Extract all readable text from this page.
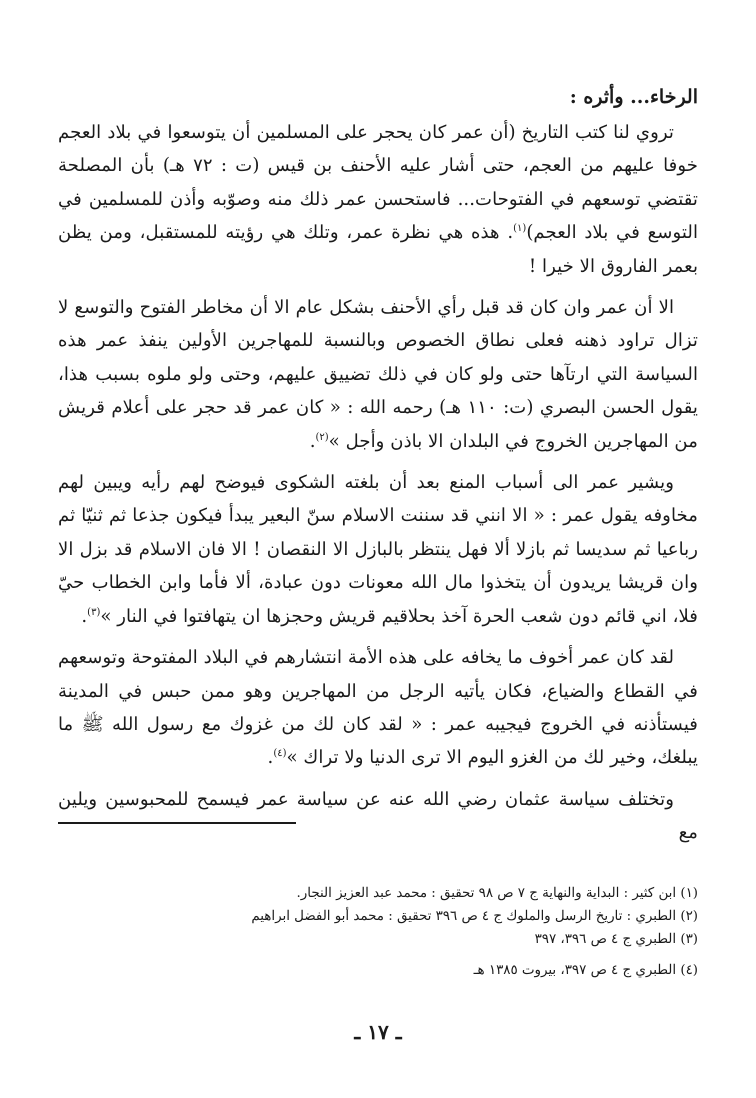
الرخاء... وأثره :

تروي لنا كتب التاريخ (أن عمر كان يحجر على المسلمين أن يتوسعوا في بلاد العجم خوفا عليهم من العجم، حتى أشار عليه الأحنف بن قيس (ت : ٧٢ هـ) بأن المصلحة تقتضي توسعهم في الفتوحات... فاستحسن عمر ذلك منه وصوّبه وأذن للمسلمين في التوسع في بلاد العجم)$^{(١)}$. هذه هي نظرة عمر، وتلك هي رؤيته للمستقبل، ومن يظن بعمر الفاروق الا خيرا !

الا أن عمر وان كان قد قبل رأي الأحنف بشكل عام الا أن مخاطر الفتوح والتوسع لا تزال تراود ذهنه فعلى نطاق الخصوص وبالنسبة للمهاجرين الأولين ينفذ عمر هذه السياسة التي ارتآها حتى ولو كان في ذلك تضييق عليهم، وحتى ولو ملوه بسبب هذا، يقول الحسن البصري (ت: ١١٠ هـ) رحمه الله : « كان عمر قد حجر على أعلام قريش من المهاجرين الخروج في البلدان الا باذن وأجل »$^{(٢)}$.

ويشير عمر الى أسباب المنع بعد أن بلغته الشكوى فيوضح لهم رأيه ويبين لهم مخاوفه يقول عمر : « الا انني قد سننت الاسلام سنّ البعير يبدأ فيكون جذعا ثم ثنيّا ثم رباعيا ثم سديسا ثم بازلا ألا فهل ينتظر بالبازل الا النقصان ! الا فان الاسلام قد بزل الا وان قريشا يريدون أن يتخذوا مال الله معونات دون عبادة، ألا فأما وابن الخطاب حيّ فلا، اني قائم دون شعب الحرة آخذ بحلاقيم قريش وحجزها ان يتهافتوا في النار »$^{(٣)}$.

لقد كان عمر أخوف ما يخافه على هذه الأمة انتشارهم في البلاد المفتوحة وتوسعهم في القطاع والضياع، فكان يأتيه الرجل من المهاجرين وهو ممن حبس في المدينة فيستأذنه في الخروج فيجيبه عمر : « لقد كان لك من غزوك مع رسول الله ﷺ ما يبلغك، وخير لك من الغزو اليوم الا ترى الدنيا ولا تراك »$^{(٤)}$.

وتختلف سياسة عثمان رضي الله عنه عن سياسة عمر فيسمح للمحبوسين ويلين مع

(١) ابن كثير : البداية والنهاية ج ٧ ص ٩٨ تحقيق : محمد عبد العزيز النجار.

(٢) الطبري : تاريخ الرسل والملوك ج ٤ ص ٣٩٦ تحقيق : محمد أبو الفضل ابراهيم

(٣) الطبري ج ٤ ص ٣٩٦، ٣٩٧

(٤) الطبري ج ٤ ص ٣٩٧، بيروت ١٣٨٥ هـ

ـ ١٧ ـ
